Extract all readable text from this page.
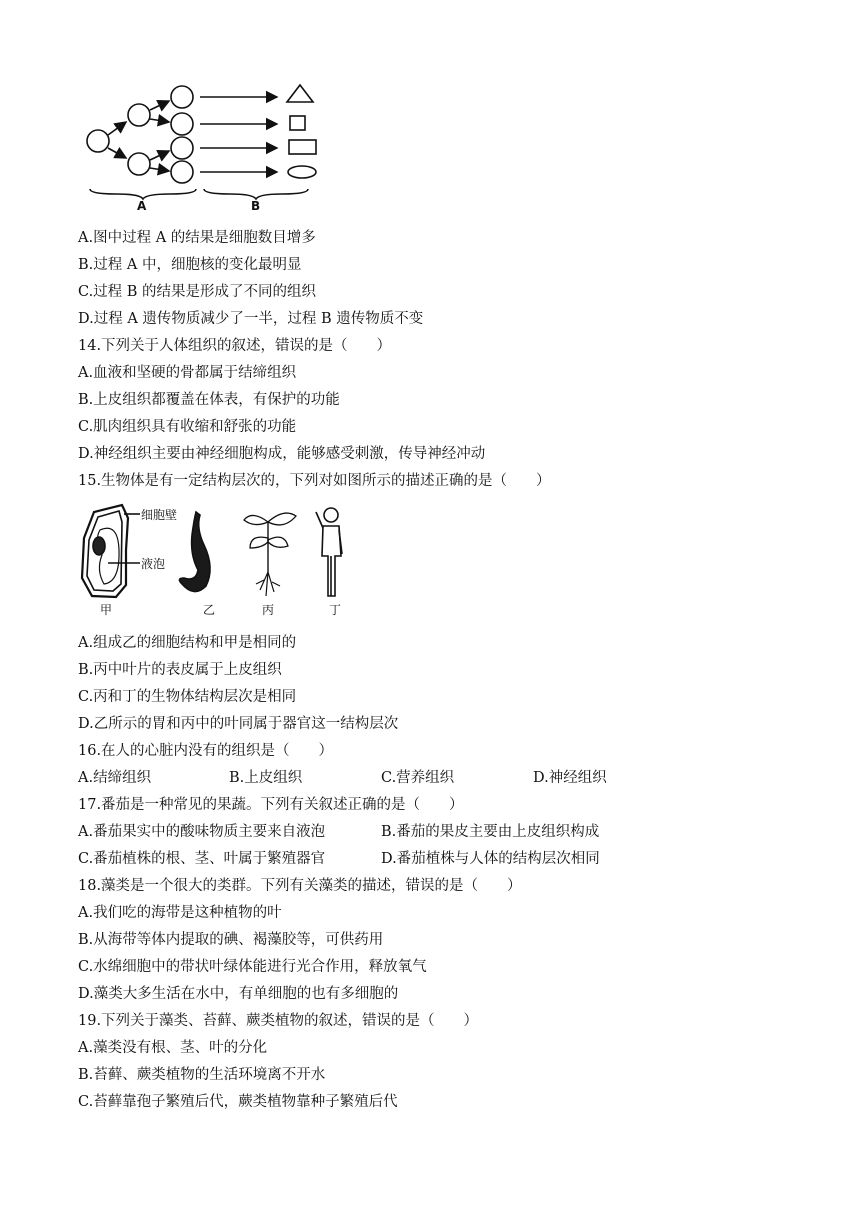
A	B
A.图中过程 A 的结果是细胞数目增多
B.过程 A 中，细胞核的变化最明显
C.过程 B 的结果是形成了不同的组织
D.过程 A 遗传物质减少了一半，过程 B 遗传物质不变
14.下列关于人体组织的叙述，错误的是（　　）
A.血液和坚硬的骨都属于结缔组织
B.上皮组织都覆盖在体表，有保护的功能
C.肌肉组织具有收缩和舒张的功能
D.神经组织主要由神经细胞构成，能够感受刺激，传导神经冲动
15.生物体是有一定结构层次的，下列对如图所示的描述正确的是（　　）
细胞壁
液泡
甲	乙	丙	丁
A.组成乙的细胞结构和甲是相同的
B.丙中叶片的表皮属于上皮组织
C.丙和丁的生物体结构层次是相同
D.乙所示的胃和丙中的叶同属于器官这一结构层次
16.在人的心脏内没有的组织是（　　）
A.结缔组织	B.上皮组织	C.营养组织	D.神经组织
17.番茄是一种常见的果蔬。下列有关叙述正确的是（　　）
A.番茄果实中的酸味物质主要来自液泡	B.番茄的果皮主要由上皮组织构成
C.番茄植株的根、茎、叶属于繁殖器官	D.番茄植株与人体的结构层次相同
18.藻类是一个很大的类群。下列有关藻类的描述，错误的是（　　）
A.我们吃的海带是这种植物的叶
B.从海带等体内提取的碘、褐藻胶等，可供药用
C.水绵细胞中的带状叶绿体能进行光合作用，释放氧气
D.藻类大多生活在水中，有单细胞的也有多细胞的
19.下列关于藻类、苔藓、蕨类植物的叙述，错误的是（　　）
A.藻类没有根、茎、叶的分化
B.苔藓、蕨类植物的生活环境离不开水
C.苔藓靠孢子繁殖后代，蕨类植物靠种子繁殖后代
